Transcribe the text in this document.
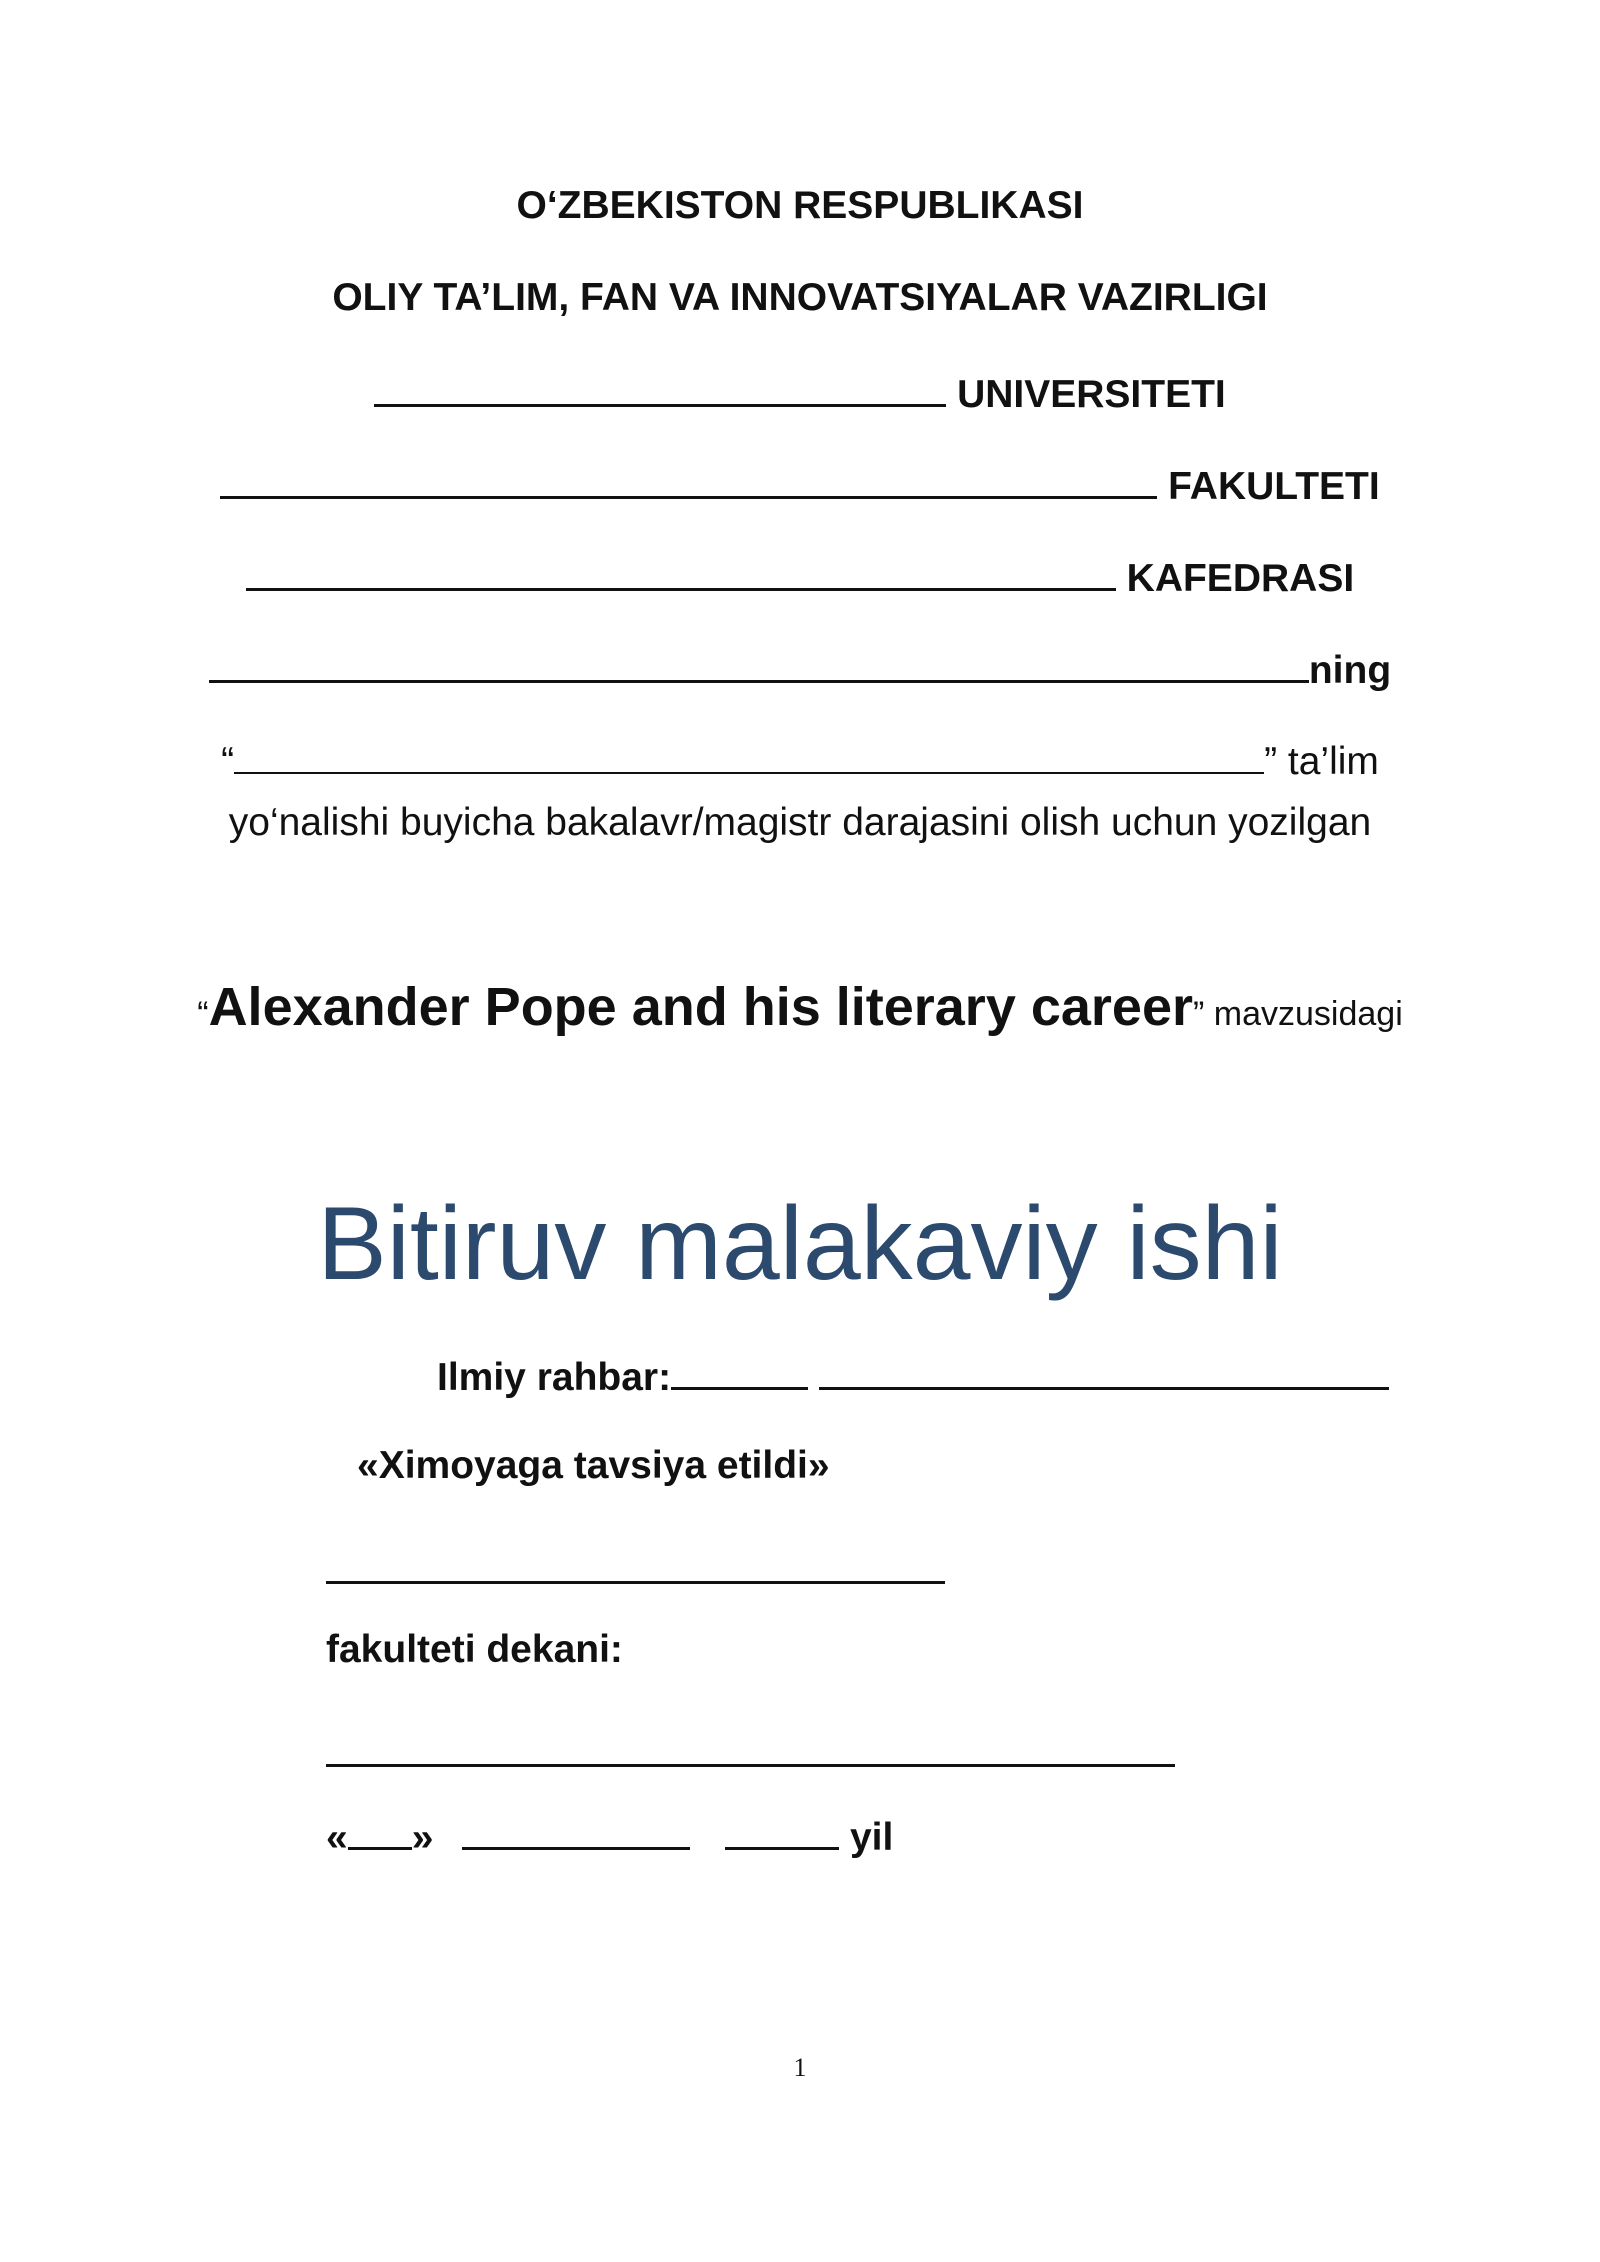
O‘ZBEKISTON RESPUBLIKASI
OLIY TA’LIM, FAN VA INNOVATSIYALAR VAZIRLIGI
UNIVERSITETI
FAKULTETI
KAFEDRASI
ning
“	” ta’lim
yo‘nalishi buyicha bakalavr/magistr darajasini olish uchun yozilgan
“Alexander Pope and his literary career” mavzusidagi
Bitiruv malakaviy ishi
Ilmiy rahbar:
«Ximoyaga tavsiya etildi»
fakulteti dekani:
« »	yil
1
